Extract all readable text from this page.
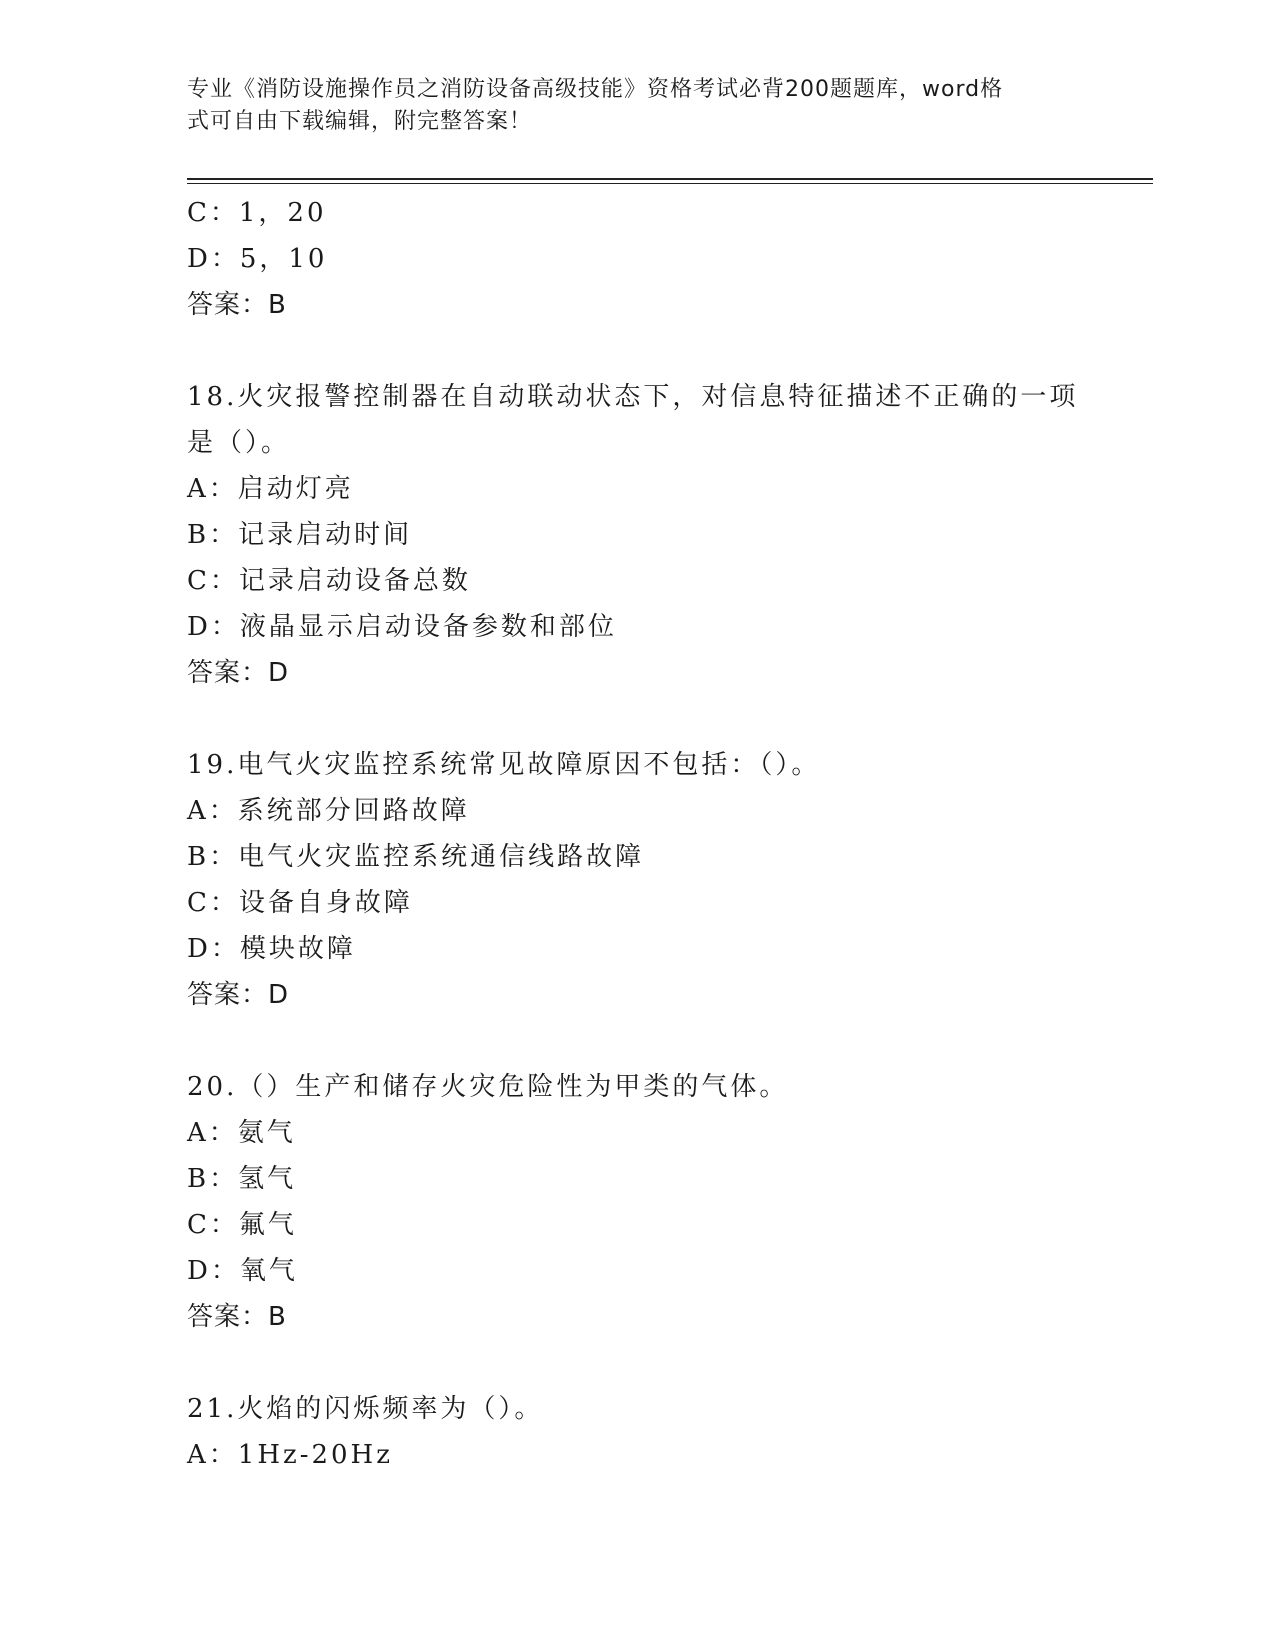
专业《消防设施操作员之消防设备高级技能》资格考试必背200题题库，word格
式可自由下载编辑，附完整答案！
C：1，20
D：5，10
答案：B
18.火灾报警控制器在自动联动状态下，对信息特征描述不正确的一项
是（）。
A：启动灯亮
B：记录启动时间
C：记录启动设备总数
D：液晶显示启动设备参数和部位
答案：D
19.电气火灾监控系统常见故障原因不包括：（）。
A：系统部分回路故障
B：电气火灾监控系统通信线路故障
C：设备自身故障
D：模块故障
答案：D
20.（）生产和储存火灾危险性为甲类的气体。
A：氨气
B：氢气
C：氟气
D：氧气
答案：B
21.火焰的闪烁频率为（）。
A：1Hz-20Hz
